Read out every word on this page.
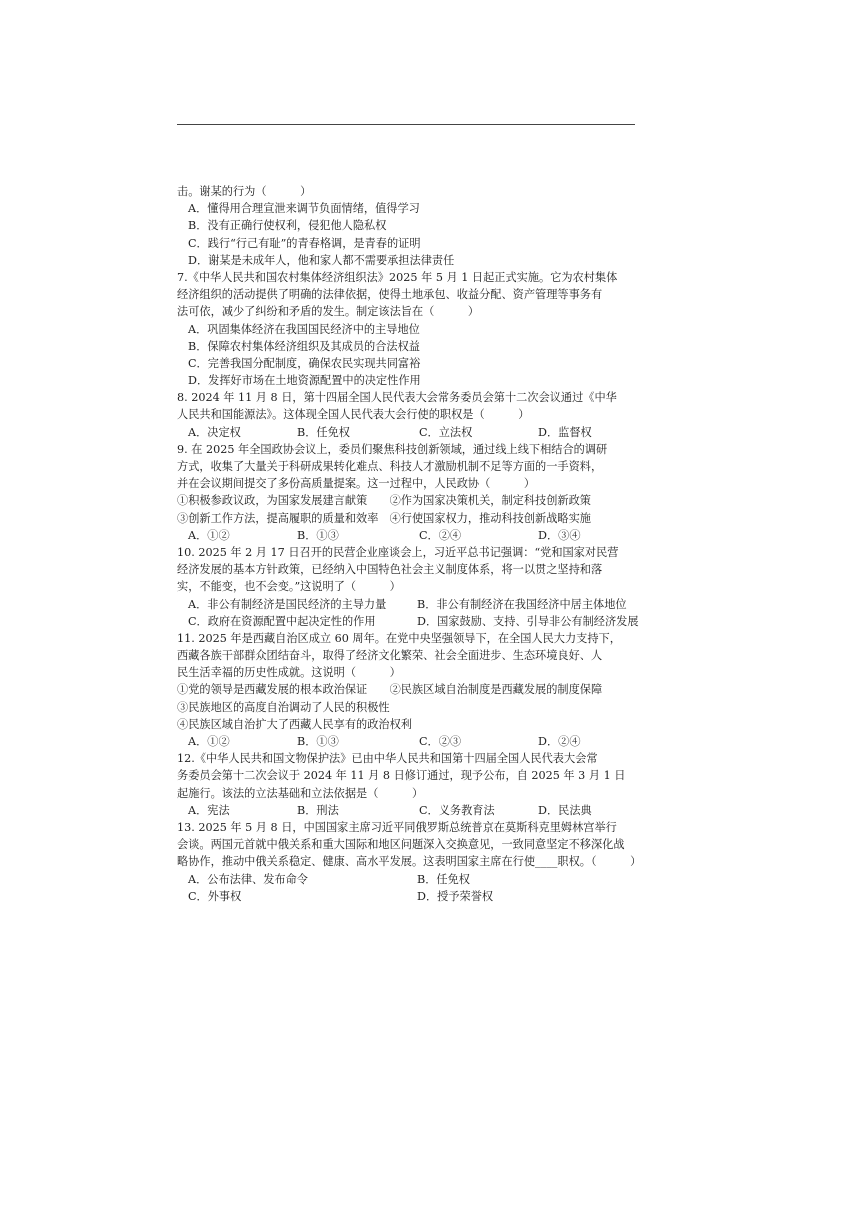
击。谢某的行为（　　　）
A．懂得用合理宣泄来调节负面情绪，值得学习
B．没有正确行使权利，侵犯他人隐私权
C．践行“行己有耻”的青春格调，是青春的证明
D．谢某是未成年人，他和家人都不需要承担法律责任
7.《中华人民共和国农村集体经济组织法》2025 年 5 月 1 日起正式实施。它为农村集体
经济组织的活动提供了明确的法律依据，使得土地承包、收益分配、资产管理等事务有
法可依，减少了纠纷和矛盾的发生。制定该法旨在（　　　）
A．巩固集体经济在我国国民经济中的主导地位
B．保障农村集体经济组织及其成员的合法权益
C．完善我国分配制度，确保农民实现共同富裕
D．发挥好市场在土地资源配置中的决定性作用
8. 2024 年 11 月 8 日，第十四届全国人民代表大会常务委员会第十二次会议通过《中华
人民共和国能源法》。这体现全国人民代表大会行使的职权是（　　　）
A．决定权	B．任免权	C．立法权	D．监督权
9. 在 2025 年全国政协会议上，委员们聚焦科技创新领域，通过线上线下相结合的调研
方式，收集了大量关于科研成果转化难点、科技人才激励机制不足等方面的一手资料，
并在会议期间提交了多份高质量提案。这一过程中，人民政协（　　　）
①积极参政议政，为国家发展建言献策　　②作为国家决策机关，制定科技创新政策
③创新工作方法，提高履职的质量和效率　④行使国家权力，推动科技创新战略实施
A．①②	B．①③	C．②④	D．③④
10. 2025 年 2 月 17 日召开的民营企业座谈会上，习近平总书记强调：“党和国家对民营
经济发展的基本方针政策，已经纳入中国特色社会主义制度体系，将一以贯之坚持和落
实，不能变，也不会变。”这说明了（　　　）
A．非公有制经济是国民经济的主导力量	B．非公有制经济在我国经济中居主体地位
C．政府在资源配置中起决定性的作用	D．国家鼓励、支持、引导非公有制经济发展
11. 2025 年是西藏自治区成立 60 周年。在党中央坚强领导下，在全国人民大力支持下，
西藏各族干部群众团结奋斗，取得了经济文化繁荣、社会全面进步、生态环境良好、人
民生活幸福的历史性成就。这说明（　　　）
①党的领导是西藏发展的根本政治保证　　②民族区域自治制度是西藏发展的制度保障
③民族地区的高度自治调动了人民的积极性
④民族区域自治扩大了西藏人民享有的政治权利
A．①②	B．①③	C．②③	D．②④
12.《中华人民共和国文物保护法》已由中华人民共和国第十四届全国人民代表大会常
务委员会第十二次会议于 2024 年 11 月 8 日修订通过，现予公布，自 2025 年 3 月 1 日
起施行。该法的立法基础和立法依据是（　　　）
A．宪法	B．刑法	C．义务教育法	D．民法典
13. 2025 年 5 月 8 日，中国国家主席习近平同俄罗斯总统普京在莫斯科克里姆林宫举行
会谈。两国元首就中俄关系和重大国际和地区问题深入交换意见，一致同意坚定不移深化战
略协作，推动中俄关系稳定、健康、高水平发展。这表明国家主席在行使____职权。（　　　）
A．公布法律、发布命令	B．任免权
C．外事权	D．授予荣誉权
